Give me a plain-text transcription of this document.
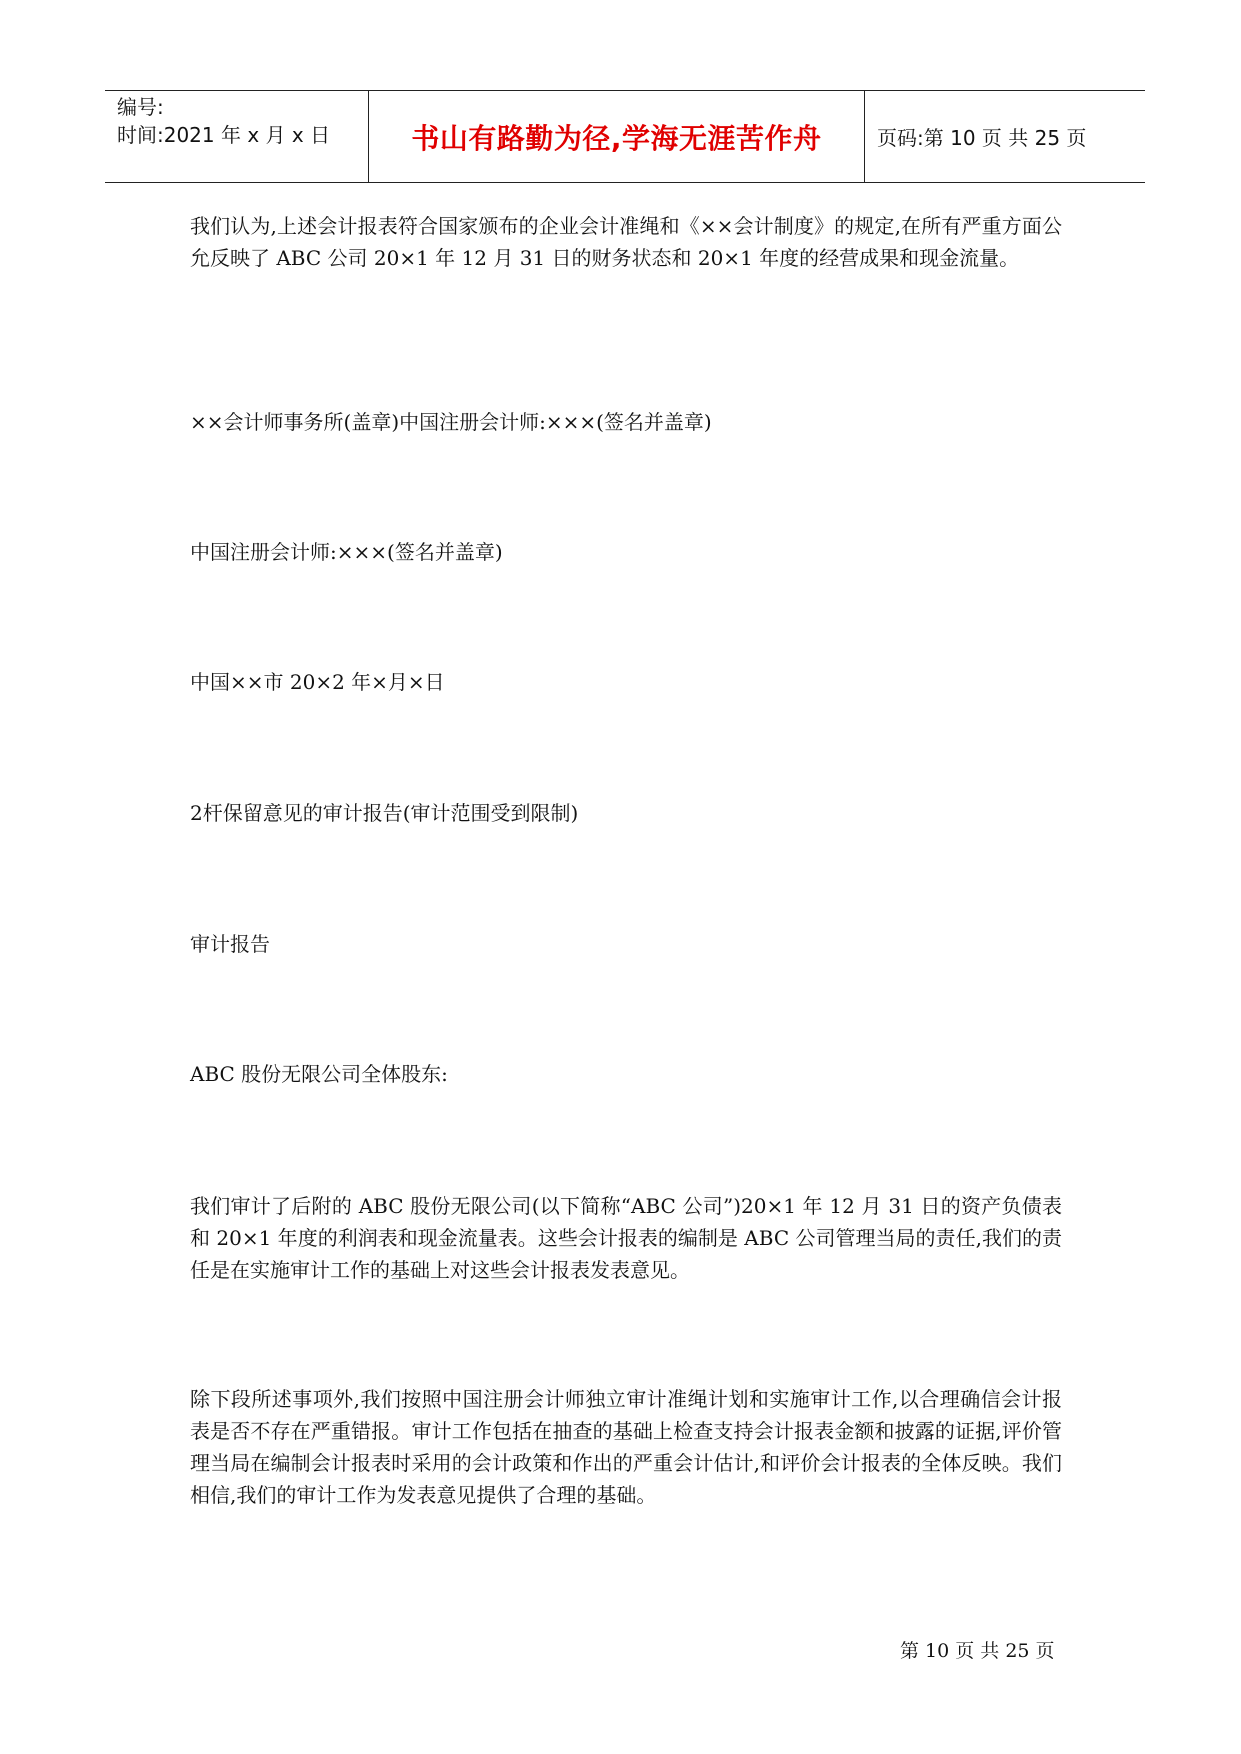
编号:
时间:2021 年 x 月 x 日	书山有路勤为径,学海无涯苦作舟	页码:第 10 页 共 25 页

我们认为,上述会计报表符合国家颁布的企业会计准绳和《××会计制度》的规定,在所有严重方面公允反映了 ABC 公司 20×1 年 12 月 31 日的财务状态和 20×1 年度的经营成果和现金流量。

××会计师事务所(盖章)中国注册会计师:×××(签名并盖章)

中国注册会计师:×××(签名并盖章)

中国××市 20×2 年×月×日

2杆保留意见的审计报告(审计范围受到限制)

审计报告

ABC 股份无限公司全体股东:

我们审计了后附的 ABC 股份无限公司(以下简称“ABC 公司”)20×1 年 12 月 31 日的资产负债表和 20×1 年度的利润表和现金流量表。这些会计报表的编制是 ABC 公司管理当局的责任,我们的责任是在实施审计工作的基础上对这些会计报表发表意见。

除下段所述事项外,我们按照中国注册会计师独立审计准绳计划和实施审计工作,以合理确信会计报表是否不存在严重错报。审计工作包括在抽查的基础上检查支持会计报表金额和披露的证据,评价管理当局在编制会计报表时采用的会计政策和作出的严重会计估计,和评价会计报表的全体反映。我们相信,我们的审计工作为发表意见提供了合理的基础。

第 10 页 共 25 页
